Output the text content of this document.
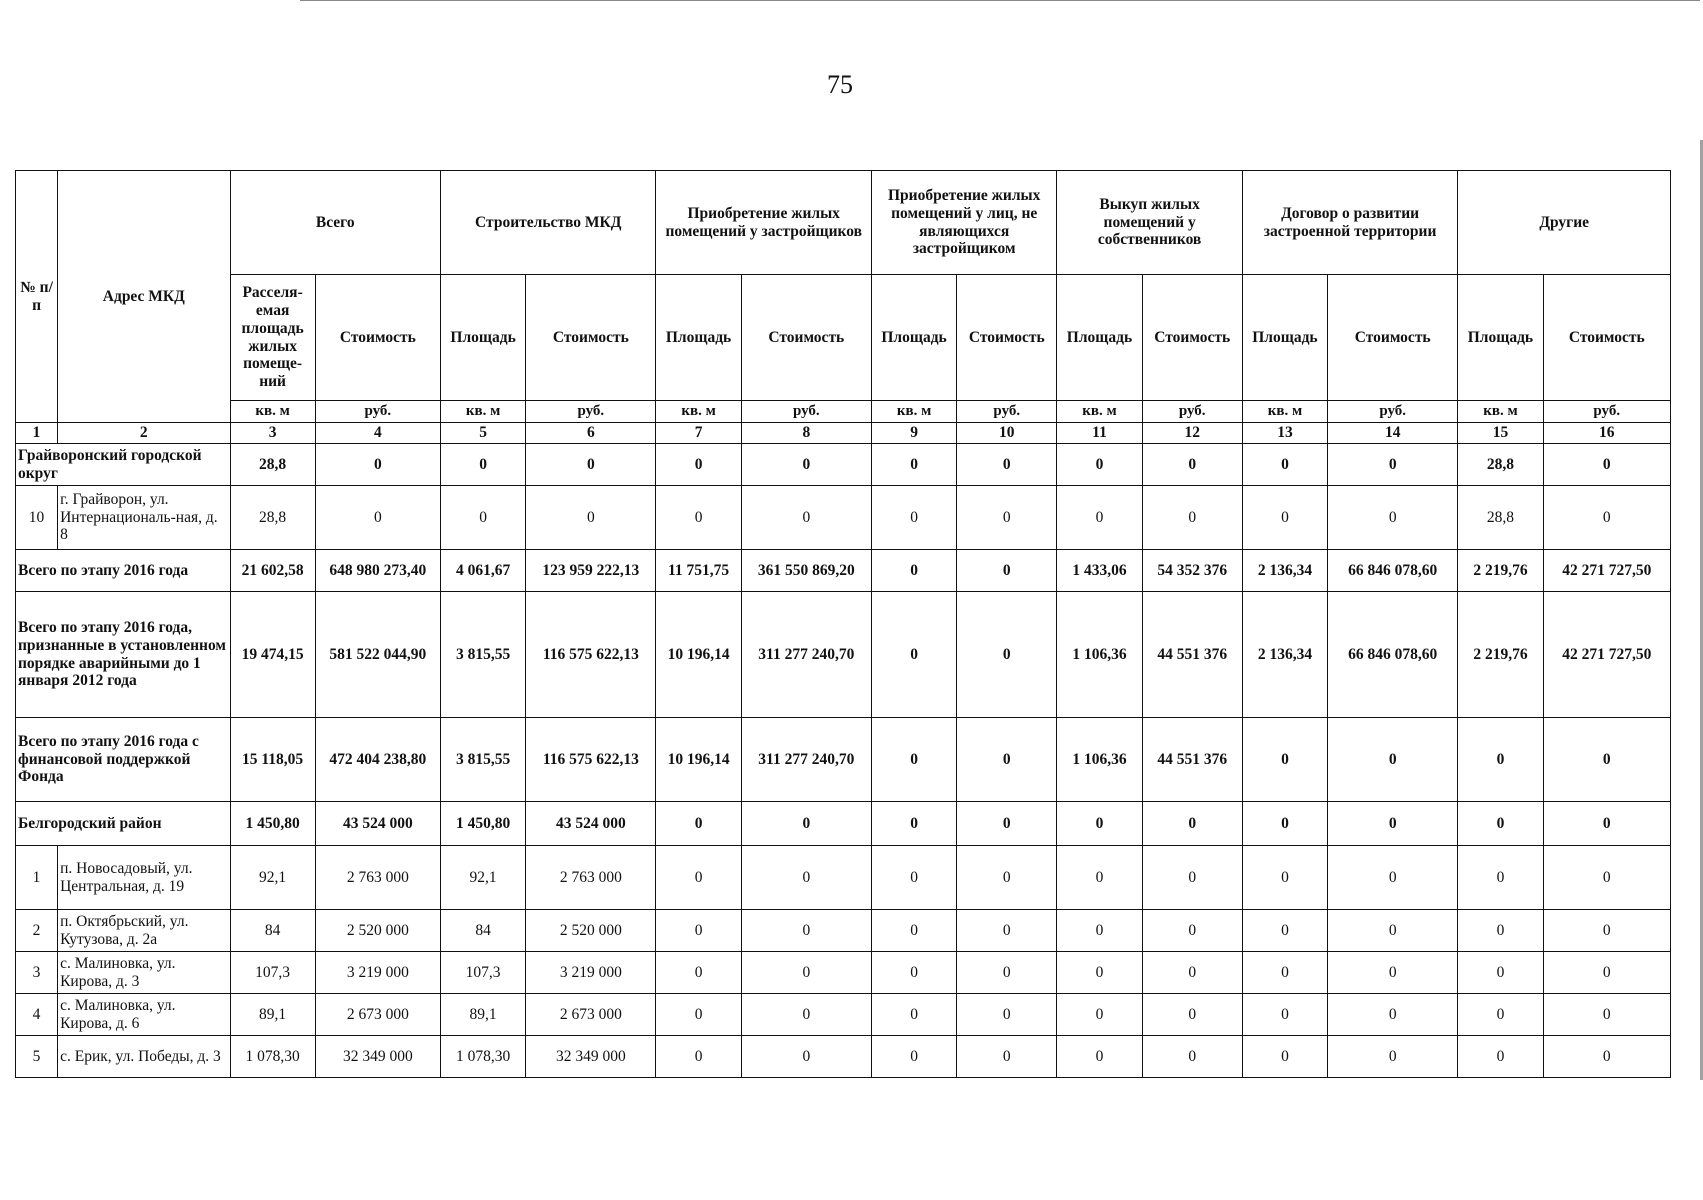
75
№ п/п	Адрес МКД	Всего		Строительство МКД		Приобретение жилых помещений у застройщиков		Приобретение жилых помещений у лиц, не являющихся застройщиком		Выкуп жилых помещений у собственников		Договор о развитии застроенной территории		Другие	
		Расселя-емая площадь жилых помеще-ний	Стоимость	Площадь	Стоимость	Площадь	Стоимость	Площадь	Стоимость	Площадь	Стоимость	Площадь	Стоимость	Площадь	Стоимость
		кв. м	руб.	кв. м	руб.	кв. м	руб.	кв. м	руб.	кв. м	руб.	кв. м	руб.	кв. м	руб.
1	2	3	4	5	6	7	8	9	10	11	12	13	14	15	16
Грайворонский городской округ		28,8	0	0	0	0	0	0	0	0	0	0	0	28,8	0
10	г. Грайворон, ул. Интернациональ-ная, д. 8	28,8	0	0	0	0	0	0	0	0	0	0	0	28,8	0
Всего по этапу 2016 года		21 602,58	648 980 273,40	4 061,67	123 959 222,13	11 751,75	361 550 869,20	0	0	1 433,06	54 352 376	2 136,34	66 846 078,60	2 219,76	42 271 727,50
Всего по этапу 2016 года, признанные в установленном порядке аварийными до 1 января 2012 года		19 474,15	581 522 044,90	3 815,55	116 575 622,13	10 196,14	311 277 240,70	0	0	1 106,36	44 551 376	2 136,34	66 846 078,60	2 219,76	42 271 727,50
Всего по этапу 2016 года с финансовой поддержкой Фонда		15 118,05	472 404 238,80	3 815,55	116 575 622,13	10 196,14	311 277 240,70	0	0	1 106,36	44 551 376	0	0	0	0
Белгородский район		1 450,80	43 524 000	1 450,80	43 524 000	0	0	0	0	0	0	0	0	0	0
1	п. Новосадовый, ул. Центральная, д. 19	92,1	2 763 000	92,1	2 763 000	0	0	0	0	0	0	0	0	0	0
2	п. Октябрьский, ул. Кутузова, д. 2а	84	2 520 000	84	2 520 000	0	0	0	0	0	0	0	0	0	0
3	с. Малиновка, ул. Кирова, д. 3	107,3	3 219 000	107,3	3 219 000	0	0	0	0	0	0	0	0	0	0
4	с. Малиновка, ул. Кирова, д. 6	89,1	2 673 000	89,1	2 673 000	0	0	0	0	0	0	0	0	0	0
5	с. Ерик, ул. Победы, д. 3	1 078,30	32 349 000	1 078,30	32 349 000	0	0	0	0	0	0	0	0	0	0
